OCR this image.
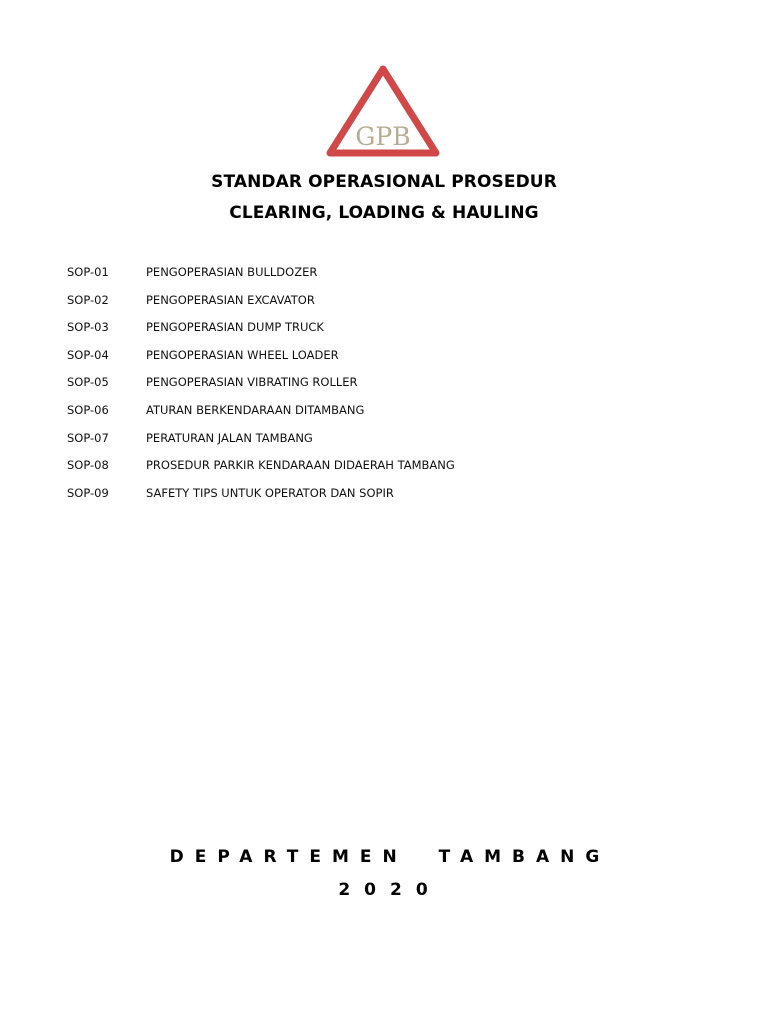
GPB
STANDAR OPERASIONAL PROSEDUR
CLEARING, LOADING & HAULING
SOP-01	PENGOPERASIAN BULLDOZER
SOP-02	PENGOPERASIAN EXCAVATOR
SOP-03	PENGOPERASIAN DUMP TRUCK
SOP-04	PENGOPERASIAN WHEEL LOADER
SOP-05	PENGOPERASIAN VIBRATING ROLLER
SOP-06	ATURAN BERKENDARAAN DITAMBANG
SOP-07	PERATURAN JALAN TAMBANG
SOP-08	PROSEDUR PARKIR KENDARAAN DIDAERAH TAMBANG
SOP-09	SAFETY TIPS UNTUK OPERATOR DAN SOPIR
DEPARTEMEN TAMBANG
2020
